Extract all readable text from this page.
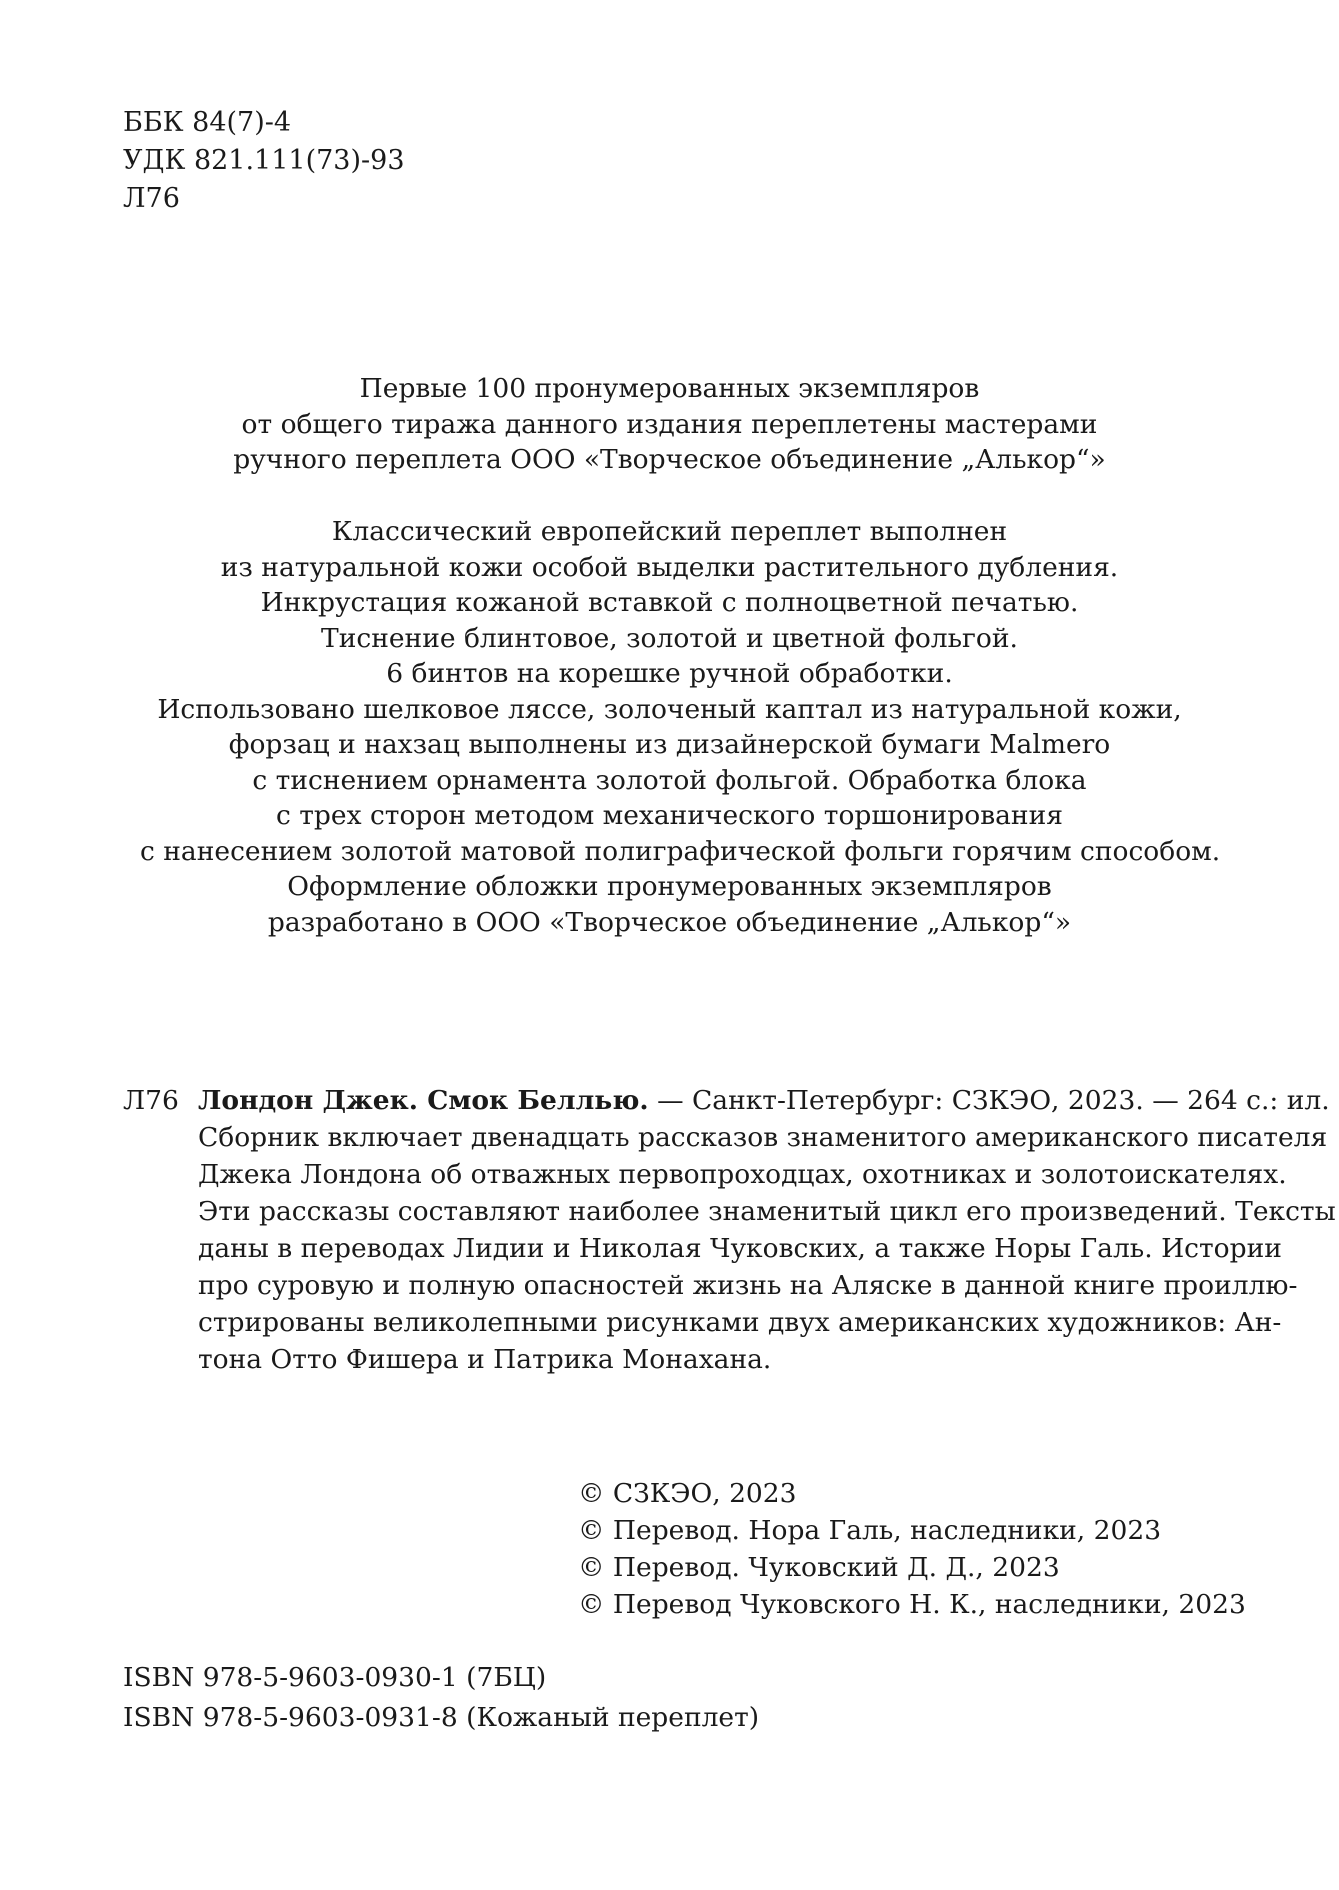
ББК 84(7)-4
УДК 821.111(73)-93
Л76
Первые 100 пронумерованных экземпляров
от общего тиража данного издания переплетены мастерами
ручного переплета ООО «Творческое объединение „Алькор“»
Классический европейский переплет выполнен
из натуральной кожи особой выделки растительного дубления.
Инкрустация кожаной вставкой с полноцветной печатью.
Тиснение блинтовое, золотой и цветной фольгой.
6 бинтов на корешке ручной обработки.
Использовано шелковое ляссе, золоченый каптал из натуральной кожи,
форзац и нахзац выполнены из дизайнерской бумаги Malmero
с тиснением орнамента золотой фольгой. Обработка блока
с трех сторон методом механического торшонирования
с нанесением золотой матовой полиграфической фольги горячим способом.
Оформление обложки пронумерованных экземпляров
разработано в ООО «Творческое объединение „Алькор“»
Л76 Лондон Джек. Смок Беллью. — Санкт-Петербург: СЗКЭО, 2023. — 264 с.: ил.
Сборник включает двенадцать рассказов знаменитого американского писателя
Джека Лондона об отважных первопроходцах, охотниках и золотоискателях.
Эти рассказы составляют наиболее знаменитый цикл его произведений. Тексты
даны в переводах Лидии и Николая Чуковских, а также Норы Галь. Истории
про суровую и полную опасностей жизнь на Аляске в данной книге проиллю-
стрированы великолепными рисунками двух американских художников: Ан-
тона Отто Фишера и Патрика Монахана.
© СЗКЭО, 2023
© Перевод. Нора Галь, наследники, 2023
© Перевод. Чуковский Д. Д., 2023
© Перевод Чуковского Н. К., наследники, 2023
ISBN 978-5-9603-0930-1 (7БЦ)
ISBN 978-5-9603-0931-8 (Кожаный переплет)
